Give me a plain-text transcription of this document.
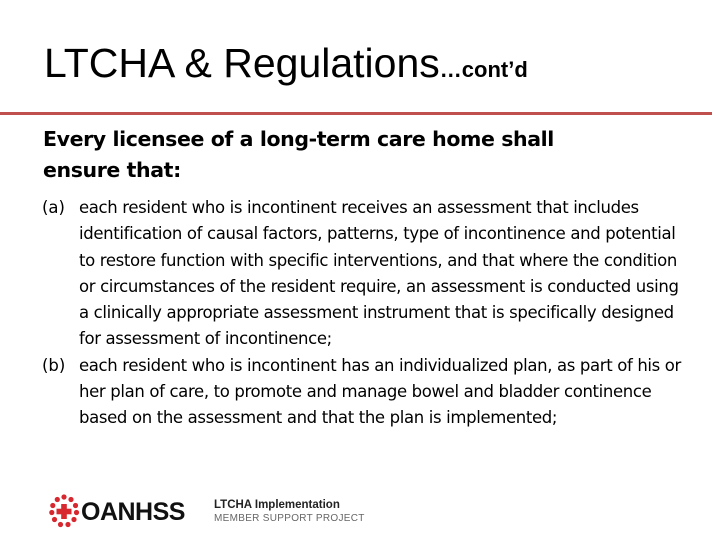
LTCHA & Regulations…cont’d
Every licensee of a long-term care home shall
ensure that:
(a) each resident who is incontinent receives an assessment that includes identification of causal factors, patterns, type of incontinence and potential to restore function with specific interventions, and that where the condition or circumstances of the resident require, an assessment is conducted using a clinically appropriate assessment instrument that is specifically designed for assessment of incontinence;
(b) each resident who is incontinent has an individualized plan, as part of his or her plan of care, to promote and manage bowel and bladder continence based on the assessment and that the plan is implemented;
OANHSS	LTCHA Implementation
MEMBER SUPPORT PROJECT
